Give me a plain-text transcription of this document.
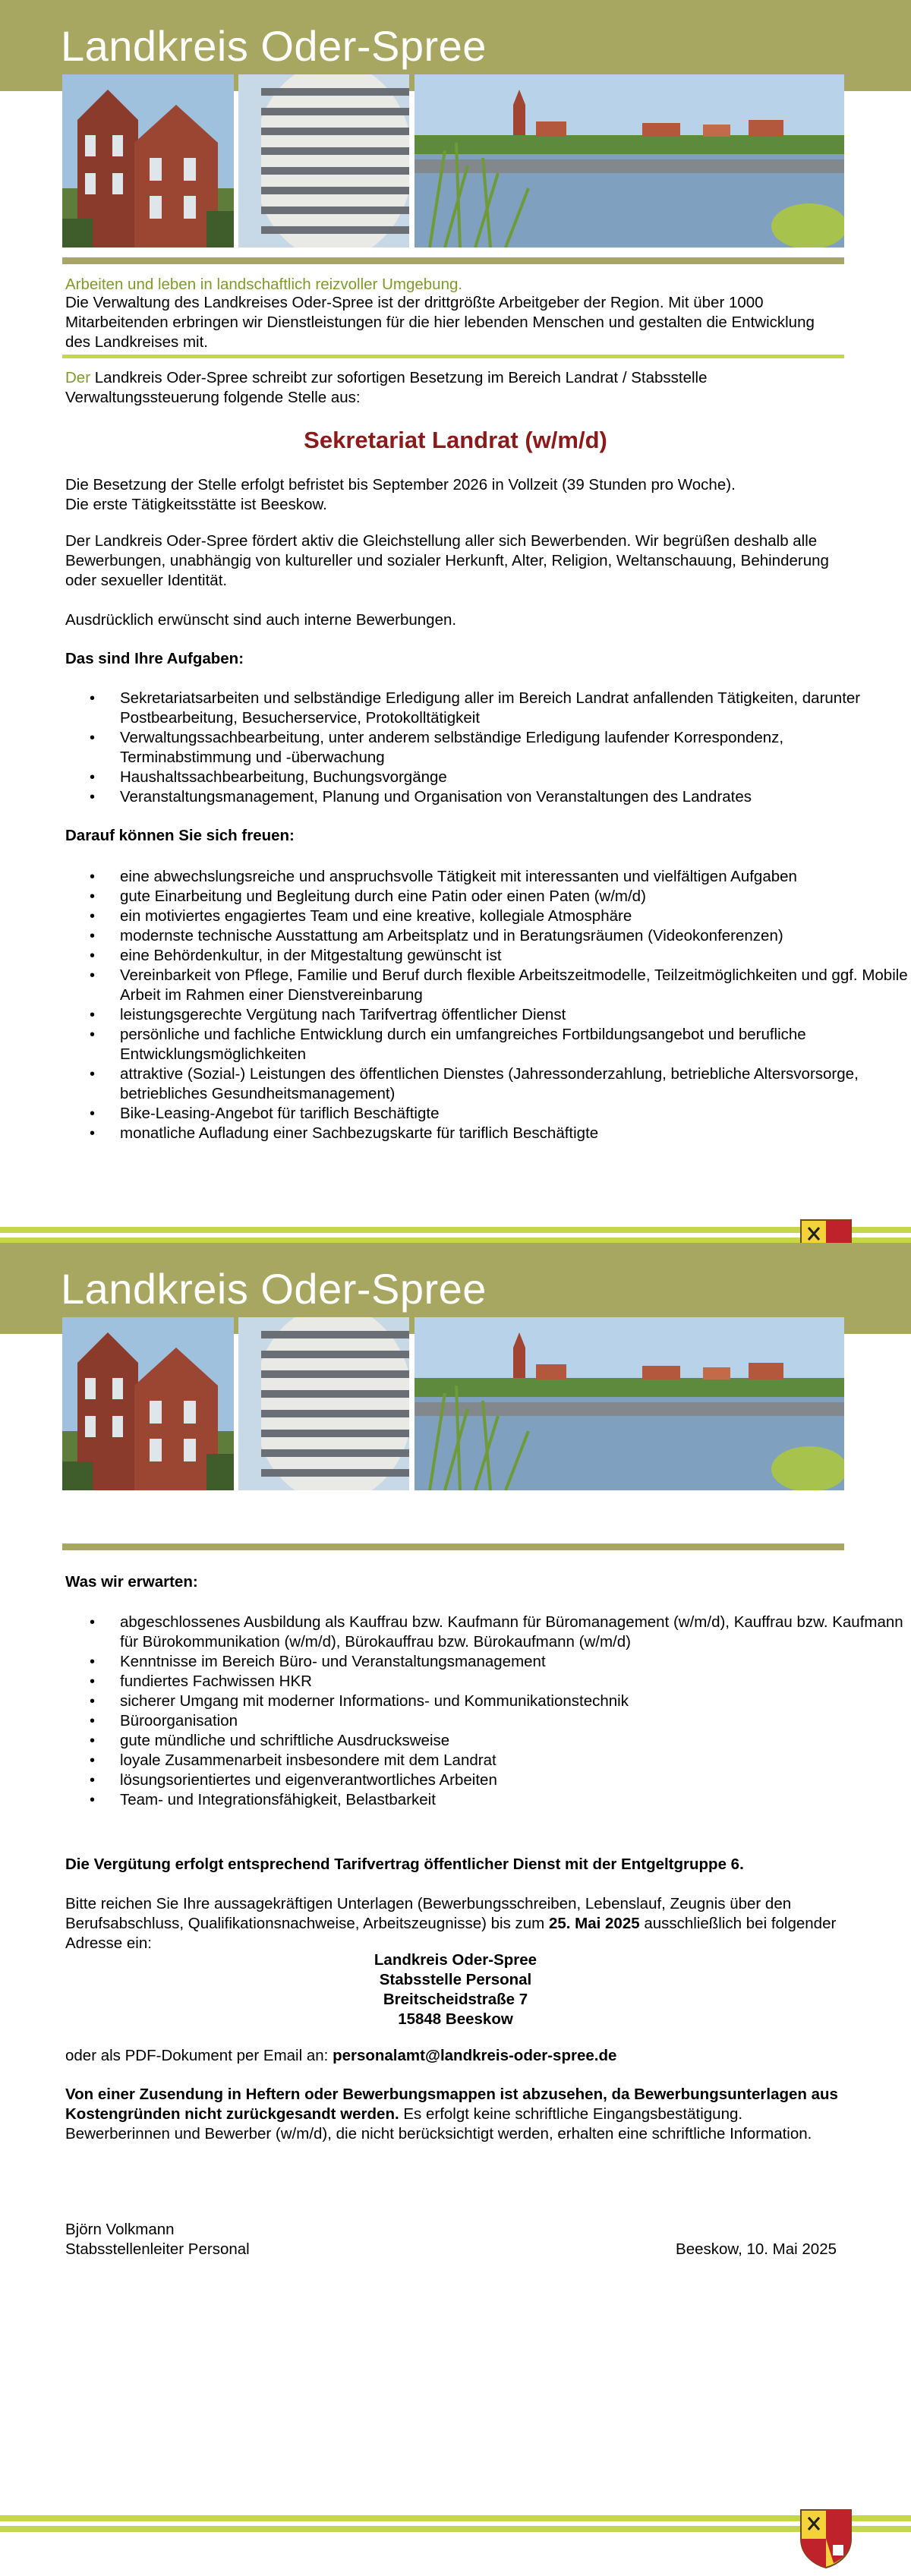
Landkreis Oder-Spree
Arbeiten und leben in landschaftlich reizvoller Umgebung.
Die Verwaltung des Landkreises Oder-Spree ist der drittgrößte Arbeitgeber der Region. Mit über 1000 Mitarbeitenden erbringen wir Dienstleistungen für die hier lebenden Menschen und gestalten die Entwicklung des Landkreises mit.
Der Landkreis Oder-Spree schreibt zur sofortigen Besetzung im Bereich Landrat / Stabsstelle Verwaltungssteuerung folgende Stelle aus:
Sekretariat Landrat (w/m/d)
Die Besetzung der Stelle erfolgt befristet bis September 2026 in Vollzeit (39 Stunden pro Woche).
Die erste Tätigkeitsstätte ist Beeskow.
Der Landkreis Oder-Spree fördert aktiv die Gleichstellung aller sich Bewerbenden. Wir begrüßen deshalb alle Bewerbungen, unabhängig von kultureller und sozialer Herkunft, Alter, Religion, Weltanschauung, Behinderung oder sexueller Identität.
Ausdrücklich erwünscht sind auch interne Bewerbungen.
Das sind Ihre Aufgaben:
• Sekretariatsarbeiten und selbständige Erledigung aller im Bereich Landrat anfallenden Tätigkeiten, darunter Postbearbeitung, Besucherservice, Protokolltätigkeit
• Verwaltungssachbearbeitung, unter anderem selbständige Erledigung laufender Korrespondenz, Terminabstimmung und -überwachung
• Haushaltssachbearbeitung, Buchungsvorgänge
• Veranstaltungsmanagement, Planung und Organisation von Veranstaltungen des Landrates
Darauf können Sie sich freuen:
• eine abwechslungsreiche und anspruchsvolle Tätigkeit mit interessanten und vielfältigen Aufgaben
• gute Einarbeitung und Begleitung durch eine Patin oder einen Paten (w/m/d)
• ein motiviertes engagiertes Team und eine kreative, kollegiale Atmosphäre
• modernste technische Ausstattung am Arbeitsplatz und in Beratungsräumen (Videokonferenzen)
• eine Behördenkultur, in der Mitgestaltung gewünscht ist
• Vereinbarkeit von Pflege, Familie und Beruf durch flexible Arbeitszeitmodelle, Teilzeitmöglichkeiten und ggf. Mobile Arbeit im Rahmen einer Dienstvereinbarung
• leistungsgerechte Vergütung nach Tarifvertrag öffentlicher Dienst
• persönliche und fachliche Entwicklung durch ein umfangreiches Fortbildungsangebot und berufliche Entwicklungsmöglichkeiten
• attraktive (Sozial-) Leistungen des öffentlichen Dienstes (Jahressonderzahlung, betriebliche Altersvorsorge, betriebliches Gesundheitsmanagement)
• Bike-Leasing-Angebot für tariflich Beschäftigte
• monatliche Aufladung einer Sachbezugskarte für tariflich Beschäftigte
Landkreis Oder-Spree
Was wir erwarten:
• abgeschlossenes Ausbildung als Kauffrau bzw. Kaufmann für Büromanagement (w/m/d), Kauffrau bzw. Kaufmann für Bürokommunikation (w/m/d), Bürokauffrau bzw. Bürokaufmann (w/m/d)
• Kenntnisse im Bereich Büro- und Veranstaltungsmanagement
• fundiertes Fachwissen HKR
• sicherer Umgang mit moderner Informations- und Kommunikationstechnik
• Büroorganisation
• gute mündliche und schriftliche Ausdrucksweise
• loyale Zusammenarbeit insbesondere mit dem Landrat
• lösungsorientiertes und eigenverantwortliches Arbeiten
• Team- und Integrationsfähigkeit, Belastbarkeit
Die Vergütung erfolgt entsprechend Tarifvertrag öffentlicher Dienst mit der Entgeltgruppe 6.
Bitte reichen Sie Ihre aussagekräftigen Unterlagen (Bewerbungsschreiben, Lebenslauf, Zeugnis über den Berufsabschluss, Qualifikationsnachweise, Arbeitszeugnisse) bis zum 25. Mai 2025 ausschließlich bei folgender Adresse ein:
Landkreis Oder-Spree
Stabsstelle Personal
Breitscheidstraße 7
15848 Beeskow
oder als PDF-Dokument per Email an: personalamt@landkreis-oder-spree.de
Von einer Zusendung in Heftern oder Bewerbungsmappen ist abzusehen, da Bewerbungsunterlagen aus Kostengründen nicht zurückgesandt werden. Es erfolgt keine schriftliche Eingangsbestätigung. Bewerberinnen und Bewerber (w/m/d), die nicht berücksichtigt werden, erhalten eine schriftliche Information.
Björn Volkmann
Stabsstellenleiter Personal	Beeskow, 10. Mai 2025
